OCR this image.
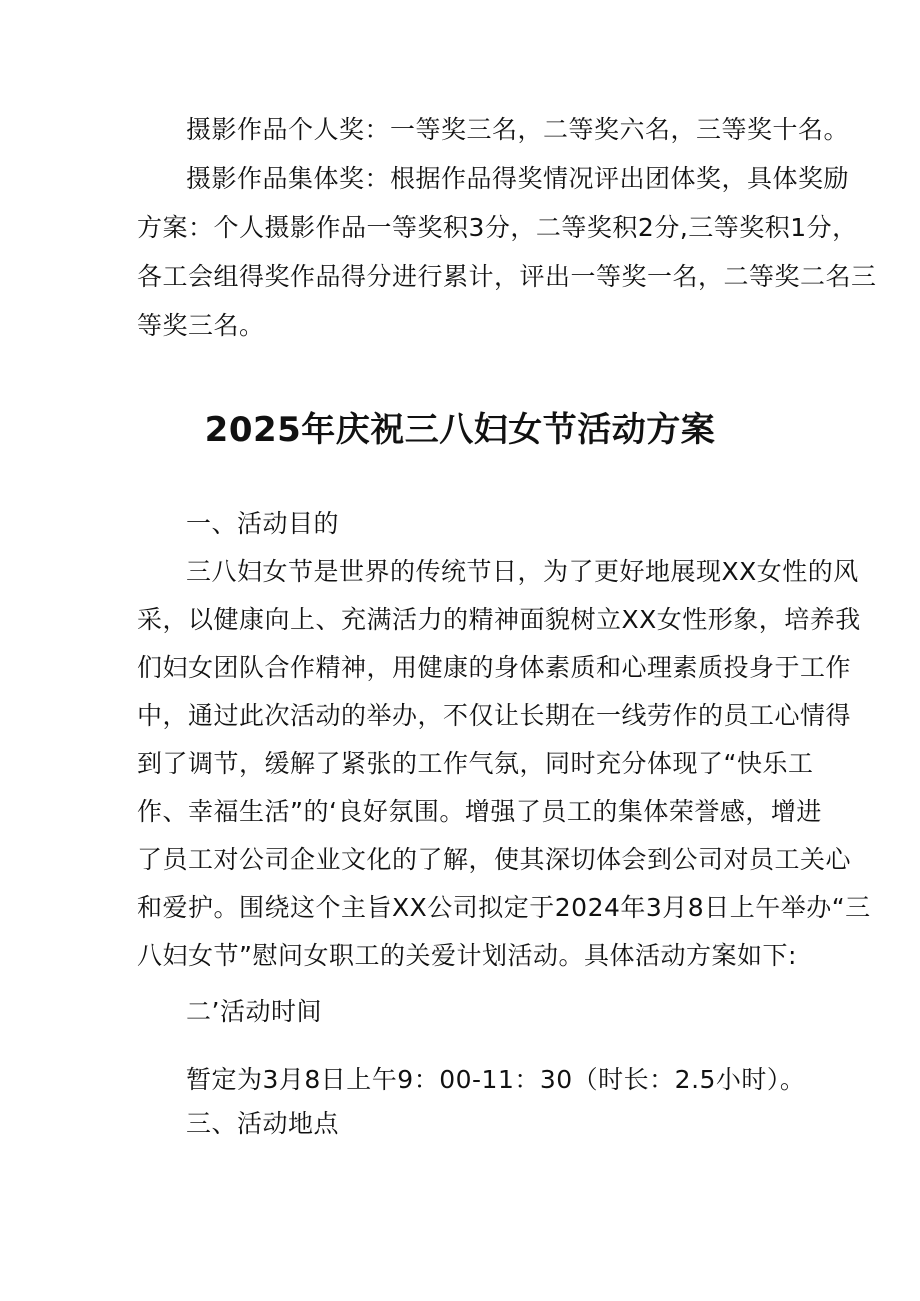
摄影作品个人奖：一等奖三名，二等奖六名，三等奖十名。

摄影作品集体奖：根据作品得奖情况评出团体奖，具体奖励

方案：个人摄影作品一等奖积3分，二等奖积2分,三等奖积1分，

各工会组得奖作品得分进行累计，评出一等奖一名，二等奖二名三

等奖三名。

2025年庆祝三八妇女节活动方案

一、活动目的

三八妇女节是世界的传统节日，为了更好地展现XX女性的风

采，以健康向上、充满活力的精神面貌树立XX女性形象，培养我

们妇女团队合作精神，用健康的身体素质和心理素质投身于工作

中，通过此次活动的举办，不仅让长期在一线劳作的员工心情得

到了调节，缓解了紧张的工作气氛，同时充分体现了“快乐工

作、幸福生活”的‘良好氛围。增强了员工的集体荣誉感，增进

了员工对公司企业文化的了解，使其深切体会到公司对员工关心

和爱护。围绕这个主旨XX公司拟定于2024年3月8日上午举办“三

八妇女节”慰问女职工的关爱计划活动。具体活动方案如下:

二’活动时间

暂定为3月8日上午9：00-11：30（时长：2.5小时）。

三、活动地点
